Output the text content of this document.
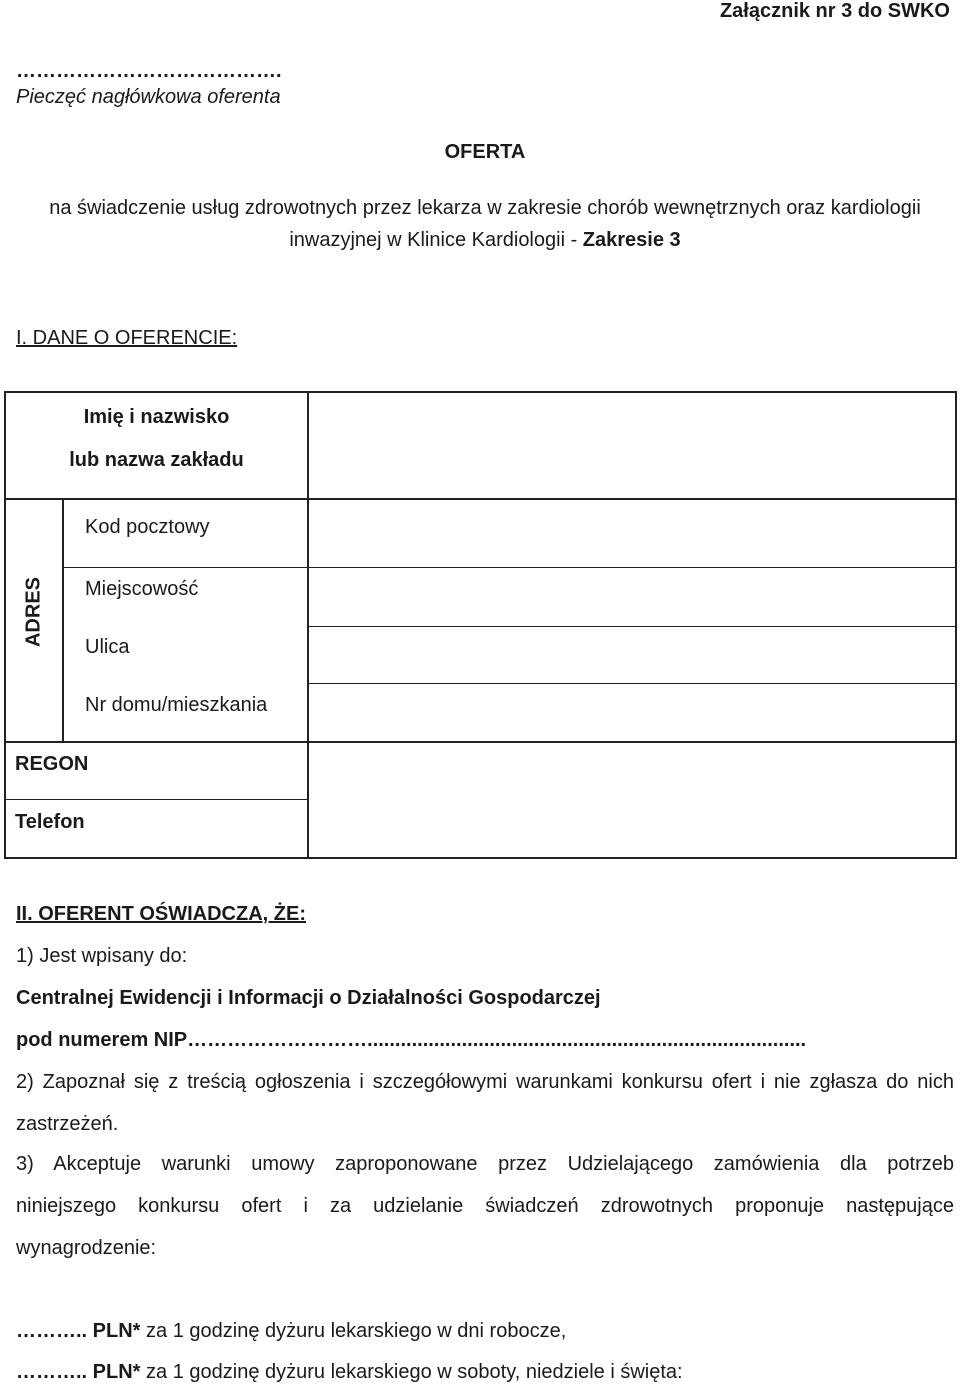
Załącznik nr 3 do SWKO
………………………………….
Pieczęć nagłówkowa oferenta
OFERTA
na świadczenie usług zdrowotnych przez lekarza w zakresie chorób wewnętrznych oraz kardiologii
inwazyjnej w Klinice Kardiologii - Zakresie 3
I. DANE O OFERENCIE:
Imię i nazwisko
lub nazwa zakładu
ADRES
Kod pocztowy
Miejscowość
Ulica
Nr domu/mieszkania
REGON
Telefon
II. OFERENT OŚWIADCZA, ŻE:
1) Jest wpisany do:
Centralnej Ewidencji i Informacji o Działalności Gospodarczej
pod numerem NIP………………………...............................................................................
2) Zapoznał się z treścią ogłoszenia i szczegółowymi warunkami konkursu ofert i nie zgłasza do nich
zastrzeżeń.
3) Akceptuje warunki umowy zaproponowane przez Udzielającego zamówienia dla potrzeb
niniejszego konkursu ofert i za udzielanie świadczeń zdrowotnych proponuje następujące
wynagrodzenie:
……….. PLN* za 1 godzinę dyżuru lekarskiego w dni robocze,
……….. PLN* za 1 godzinę dyżuru lekarskiego w soboty, niedziele i święta:
